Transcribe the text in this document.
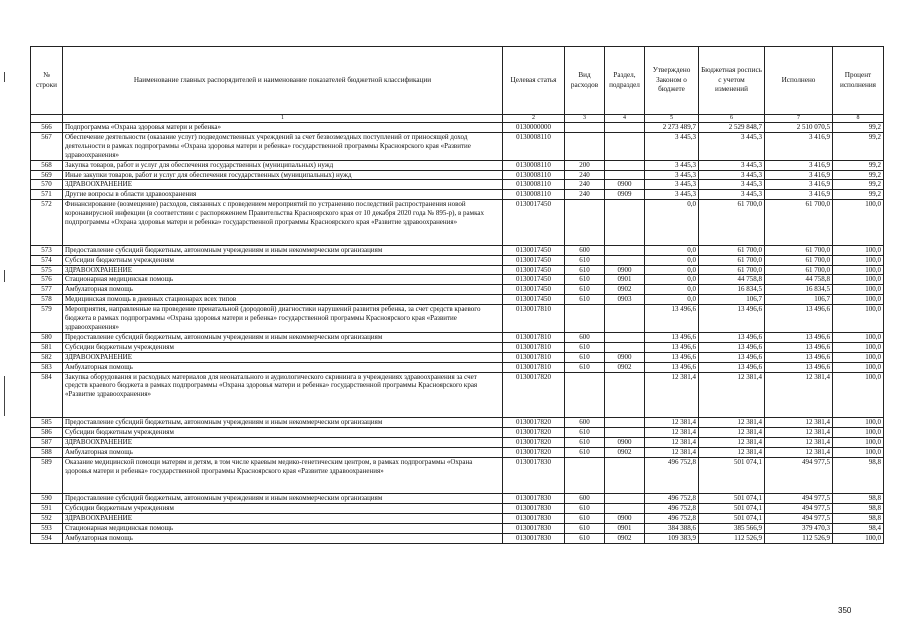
№ строки	Наименование главных распорядителей и наименование показателей бюджетной классификации	Целевая статья	Вид расходов	Раздел, подраздел	Утверждено Законом о бюджете	Бюджетная роспись с учетом изменений	Исполнено	Процент исполнения
	1	2	3	4	5	6	7	8
566	Подпрограмма «Охрана здоровья матери и ребенка»	0130000000			2 273 489,7	2 529 848,7	2 510 070,5	99,2
567	Обеспечение деятельности (оказание услуг) подведомственных учреждений за счет безвозмездных поступлений от приносящей доход деятельности в рамках подпрограммы «Охрана здоровья матери и ребенка» государственной программы Красноярского края «Развитие здравоохранения»	0130008110			3 445,3	3 445,3	3 416,9	99,2
568	Закупка товаров, работ и услуг для обеспечения государственных (муниципальных) нужд	0130008110	200		3 445,3	3 445,3	3 416,9	99,2
569	Иные закупки товаров, работ и услуг для обеспечения государственных (муниципальных) нужд	0130008110	240		3 445,3	3 445,3	3 416,9	99,2
570	ЗДРАВООХРАНЕНИЕ	0130008110	240	0900	3 445,3	3 445,3	3 416,9	99,2
571	Другие вопросы в области здравоохранения	0130008110	240	0909	3 445,3	3 445,3	3 416,9	99,2
572	Финансирование (возмещение) расходов, связанных с проведением мероприятий по устранению последствий распространения новой коронавирусной инфекции (в соответствии с распоряжением Правительства Красноярского края от 10 декабря 2020 года № 895-р), в рамках подпрограммы «Охрана здоровья матери и ребенка» государственной программы Красноярского края «Развитие здравоохранения»	0130017450			0,0	61 700,0	61 700,0	100,0
573	Предоставление субсидий бюджетным, автономным учреждениям и иным некоммерческим организациям	0130017450	600		0,0	61 700,0	61 700,0	100,0
574	Субсидии бюджетным учреждениям	0130017450	610		0,0	61 700,0	61 700,0	100,0
575	ЗДРАВООХРАНЕНИЕ	0130017450	610	0900	0,0	61 700,0	61 700,0	100,0
576	Стационарная медицинская помощь	0130017450	610	0901	0,0	44 758,8	44 758,8	100,0
577	Амбулаторная помощь	0130017450	610	0902	0,0	16 834,5	16 834,5	100,0
578	Медицинская помощь в дневных стационарах всех типов	0130017450	610	0903	0,0	106,7	106,7	100,0
579	Мероприятия, направленные на проведение пренатальной (дородовой) диагностики нарушений развития ребенка, за счет средств краевого бюджета в рамках подпрограммы «Охрана здоровья матери и ребенка» государственной программы Красноярского края «Развитие здравоохранения»	0130017810			13 496,6	13 496,6	13 496,6	100,0
580	Предоставление субсидий бюджетным, автономным учреждениям и иным некоммерческим организациям	0130017810	600		13 496,6	13 496,6	13 496,6	100,0
581	Субсидии бюджетным учреждениям	0130017810	610		13 496,6	13 496,6	13 496,6	100,0
582	ЗДРАВООХРАНЕНИЕ	0130017810	610	0900	13 496,6	13 496,6	13 496,6	100,0
583	Амбулаторная помощь	0130017810	610	0902	13 496,6	13 496,6	13 496,6	100,0
584	Закупка оборудования и расходных материалов для неонатального и аудиологического скрининга в учреждениях здравоохранения за счет средств краевого бюджета в рамках подпрограммы «Охрана здоровья матери и ребенка» государственной программы Красноярского края «Развитие здравоохранения»	0130017820			12 381,4	12 381,4	12 381,4	100,0
585	Предоставление субсидий бюджетным, автономным учреждениям и иным некоммерческим организациям	0130017820	600		12 381,4	12 381,4	12 381,4	100,0
586	Субсидии бюджетным учреждениям	0130017820	610		12 381,4	12 381,4	12 381,4	100,0
587	ЗДРАВООХРАНЕНИЕ	0130017820	610	0900	12 381,4	12 381,4	12 381,4	100,0
588	Амбулаторная помощь	0130017820	610	0902	12 381,4	12 381,4	12 381,4	100,0
589	Оказание медицинской помощи матерям и детям, в том числе краевым медико-генетическим центром, в рамках подпрограммы «Охрана здоровья матери и ребенка» государственной программы Красноярского края «Развитие здравоохранения»	0130017830			496 752,8	501 074,1	494 977,5	98,8
590	Предоставление субсидий бюджетным, автономным учреждениям и иным некоммерческим организациям	0130017830	600		496 752,8	501 074,1	494 977,5	98,8
591	Субсидии бюджетным учреждениям	0130017830	610		496 752,8	501 074,1	494 977,5	98,8
592	ЗДРАВООХРАНЕНИЕ	0130017830	610	0900	496 752,8	501 074,1	494 977,5	98,8
593	Стационарная медицинская помощь	0130017830	610	0901	384 388,6	385 566,9	379 470,3	98,4
594	Амбулаторная помощь	0130017830	610	0902	109 383,9	112 526,9	112 526,9	100,0
350
